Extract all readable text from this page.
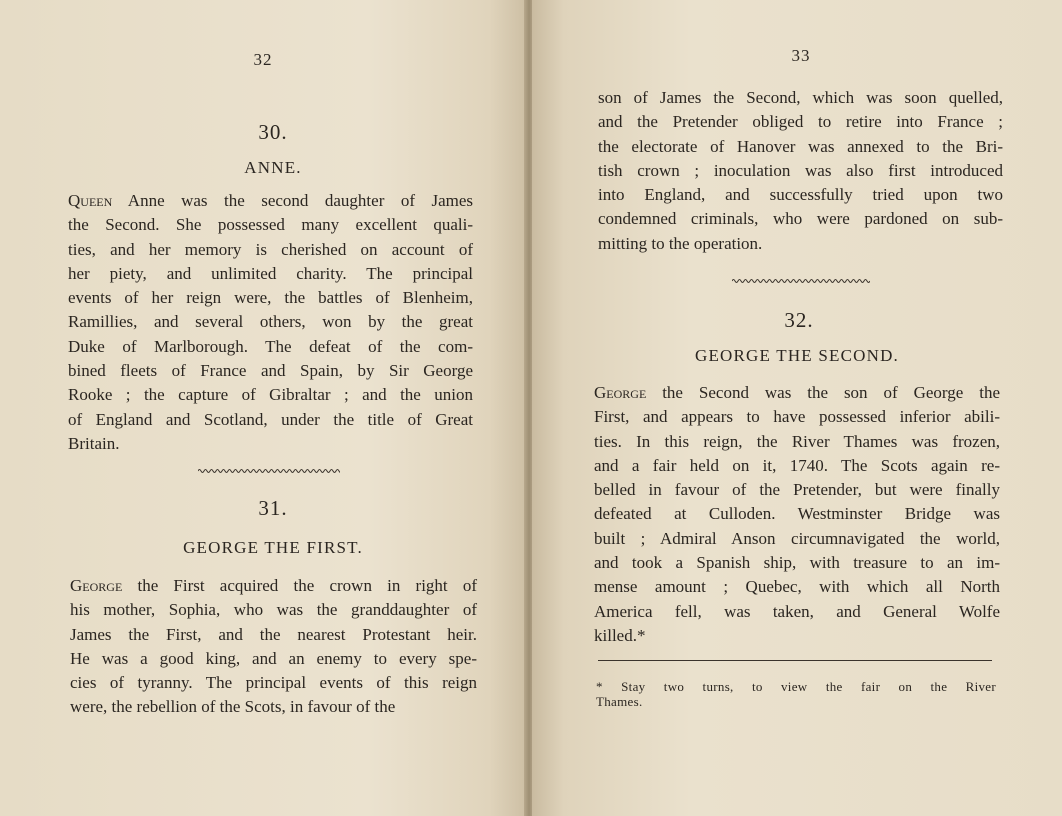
32
30.
ANNE.
Queen Anne was the second daughter of James
the Second. She possessed many excellent quali-
ties, and her memory is cherished on account of
her piety, and unlimited charity. The principal
events of her reign were, the battles of Blenheim,
Ramillies, and several others, won by the great
Duke of Marlborough. The defeat of the com-
bined fleets of France and Spain, by Sir George
Rooke ; the capture of Gibraltar ; and the union
of England and Scotland, under the title of Great
Britain.
31.
GEORGE THE FIRST.
George the First acquired the crown in right of
his mother, Sophia, who was the granddaughter of
James the First, and the nearest Protestant heir.
He was a good king, and an enemy to every spe-
cies of tyranny. The principal events of this reign
were, the rebellion of the Scots, in favour of the
33
son of James the Second, which was soon quelled,
and the Pretender obliged to retire into France ;
the electorate of Hanover was annexed to the Bri-
tish crown ; inoculation was also first introduced
into England, and successfully tried upon two
condemned criminals, who were pardoned on sub-
mitting to the operation.
32.
GEORGE THE SECOND.
George the Second was the son of George the
First, and appears to have possessed inferior abili-
ties. In this reign, the River Thames was frozen,
and a fair held on it, 1740. The Scots again re-
belled in favour of the Pretender, but were finally
defeated at Culloden. Westminster Bridge was
built ; Admiral Anson circumnavigated the world,
and took a Spanish ship, with treasure to an im-
mense amount ; Quebec, with which all North
America fell, was taken, and General Wolfe
killed.*
* Stay two turns, to view the fair on the River
Thames.
